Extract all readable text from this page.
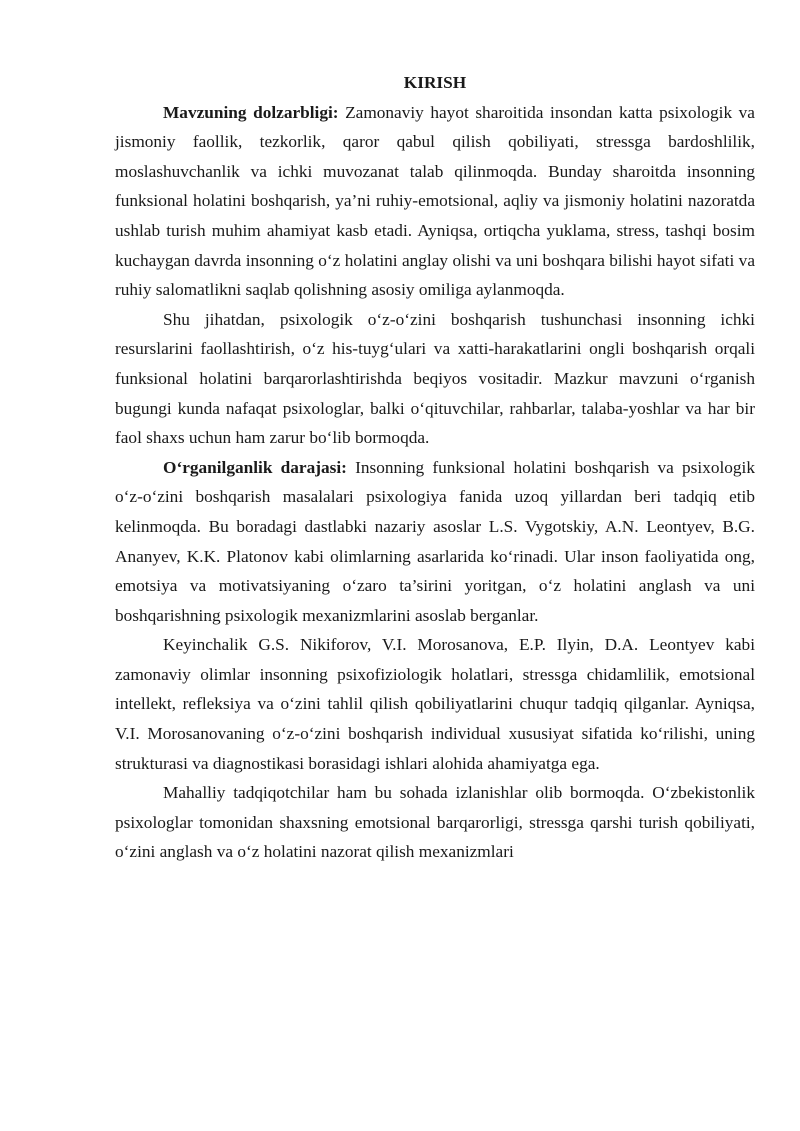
KIRISH

Mavzuning dolzarbligi: Zamonaviy hayot sharoitida insondan katta psixologik va jismoniy faollik, tezkorlik, qaror qabul qilish qobiliyati, stressga bardoshlilik, moslashuvchanlik va ichki muvozanat talab qilinmoqda. Bunday sharoitda insonning funksional holatini boshqarish, ya’ni ruhiy-emotsional, aqliy va jismoniy holatini nazoratda ushlab turish muhim ahamiyat kasb etadi. Ayniqsa, ortiqcha yuklama, stress, tashqi bosim kuchaygan davrda insonning o‘z holatini anglay olishi va uni boshqara bilishi hayot sifati va ruhiy salomatlikni saqlab qolishning asosiy omiliga aylanmoqda.

Shu jihatdan, psixologik o‘z-o‘zini boshqarish tushunchasi insonning ichki resurslarini faollashtirish, o‘z his-tuyg‘ulari va xatti-harakatlarini ongli boshqarish orqali funksional holatini barqarorlashtirishda beqiyos vositadir. Mazkur mavzuni o‘rganish bugungi kunda nafaqat psixologlar, balki o‘qituvchilar, rahbarlar, talaba-yoshlar va har bir faol shaxs uchun ham zarur bo‘lib bormoqda.

O‘rganilganlik darajasi: Insonning funksional holatini boshqarish va psixologik o‘z-o‘zini boshqarish masalalari psixologiya fanida uzoq yillardan beri tadqiq etib kelinmoqda. Bu boradagi dastlabki nazariy asoslar L.S. Vygotskiy, A.N. Leontyev, B.G. Ananyev, K.K. Platonov kabi olimlarning asarlarida ko‘rinadi. Ular inson faoliyatida ong, emotsiya va motivatsiyaning o‘zaro ta’sirini yoritgan, o‘z holatini anglash va uni boshqarishning psixologik mexanizmlarini asoslab berganlar.

Keyinchalik G.S. Nikiforov, V.I. Morosanova, E.P. Ilyin, D.A. Leontyev kabi zamonaviy olimlar insonning psixofiziologik holatlari, stressga chidamlilik, emotsional intellekt, refleksiya va o‘zini tahlil qilish qobiliyatlarini chuqur tadqiq qilganlar. Ayniqsa, V.I. Morosanovaning o‘z-o‘zini boshqarish individual xususiyat sifatida ko‘rilishi, uning strukturasi va diagnostikasi borasidagi ishlari alohida ahamiyatga ega.

Mahalliy tadqiqotchilar ham bu sohada izlanishlar olib bormoqda. O‘zbekistonlik psixologlar tomonidan shaxsning emotsional barqarorligi, stressga qarshi turish qobiliyati, o‘zini anglash va o‘z holatini nazorat qilish mexanizmlari
